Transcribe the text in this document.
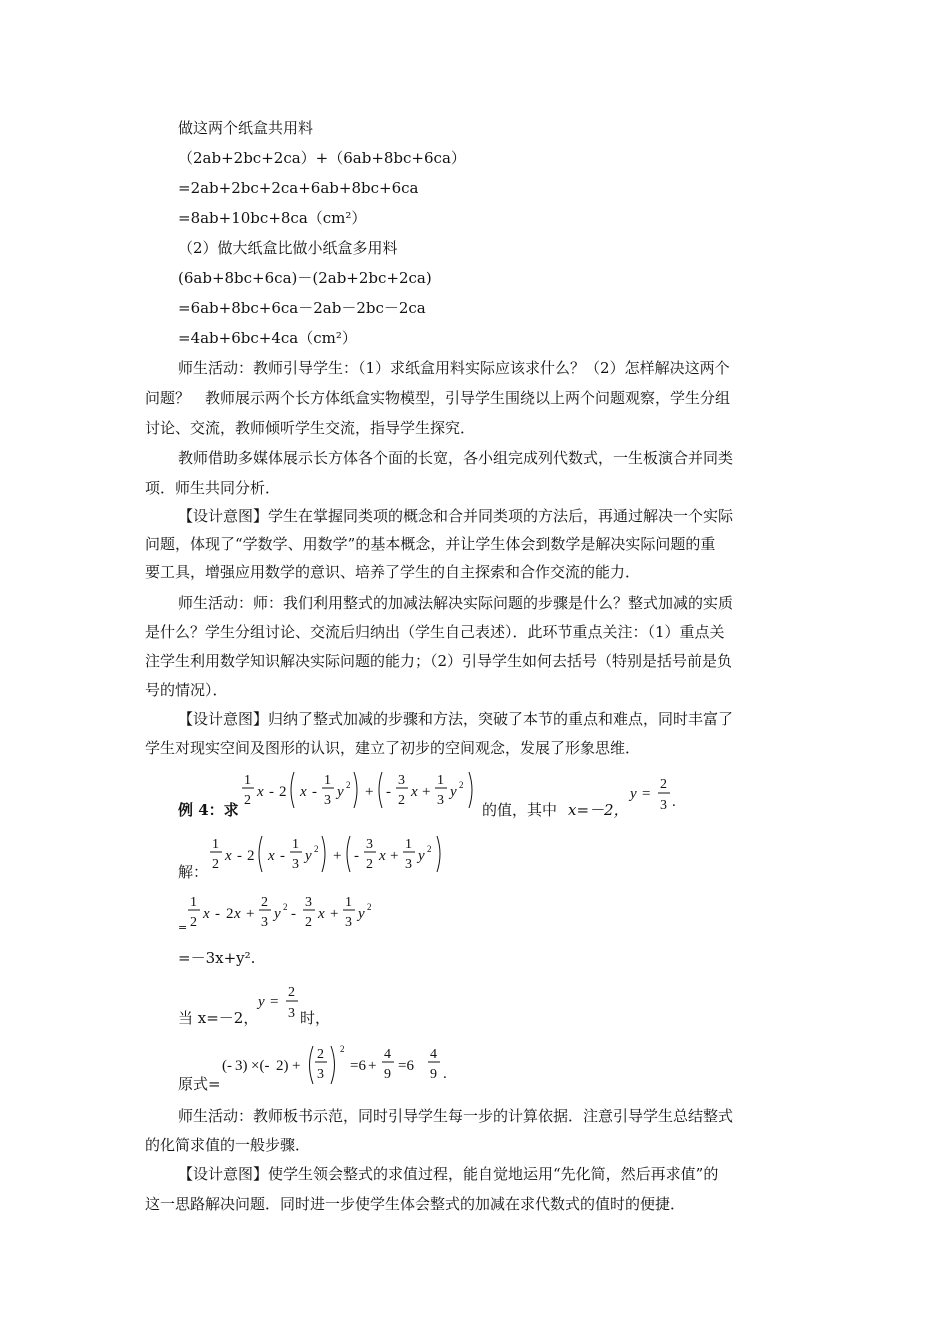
做这两个纸盒共用料
（2ab+2bc+2ca）+（6ab+8bc+6ca）
=2ab+2bc+2ca+6ab+8bc+6ca
=8ab+10bc+8ca（cm²）
（2）做大纸盒比做小纸盒多用料
(6ab+8bc+6ca)－(2ab+2bc+2ca)
=6ab+8bc+6ca－2ab－2bc－2ca
=4ab+6bc+4ca（cm²）
师生活动：教师引导学生：（1）求纸盒用料实际应该求什么？（2）怎样解决这两个
问题？　教师展示两个长方体纸盒实物模型，引导学生围绕以上两个问题观察，学生分组
讨论、交流，教师倾听学生交流，指导学生探究．
教师借助多媒体展示长方体各个面的长宽，各小组完成列代数式，一生板演合并同类
项．师生共同分析．
【设计意图】学生在掌握同类项的概念和合并同类项的方法后，再通过解决一个实际
问题，体现了“学数学、用数学”的基本概念，并让学生体会到数学是解决实际问题的重
要工具，增强应用数学的意识、培养了学生的自主探索和合作交流的能力．
师生活动：师：我们利用整式的加减法解决实际问题的步骤是什么？整式加减的实质
是什么？学生分组讨论、交流后归纳出（学生自己表述）．此环节重点关注：（1）重点关
注学生利用数学知识解决实际问题的能力；（2）引导学生如何去括号（特别是括号前是负
号的情况）．
【设计意图】归纳了整式加减的步骤和方法，突破了本节的重点和难点，同时丰富了
学生对现实空间及图形的认识，建立了初步的空间观念，发展了形象思维．
例 4：求
1
2
x - 2 x -
1
3
y 2 + -
3
2
x +
1
3
y 2
的值，其中 x=－2，
y =
2
3 .
解：
1
2
x - 2 x -
1
3
y 2 + -
3
2
x +
1
3
y 2
=
1
2
x - 2 x +
2
3
y 2 -
3
2
x +
1
3
y 2
=－3x+y².
当 x=－2，
y =
2
3 时，
原式=
(- 3) ×(- 2) +
2
3
2
=6 +
4
9
=6
4
9 .
师生活动：教师板书示范，同时引导学生每一步的计算依据．注意引导学生总结整式
的化简求值的一般步骤．
【设计意图】使学生领会整式的求值过程，能自觉地运用“先化简，然后再求值”的
这一思路解决问题．同时进一步使学生体会整式的加减在求代数式的值时的便捷．
